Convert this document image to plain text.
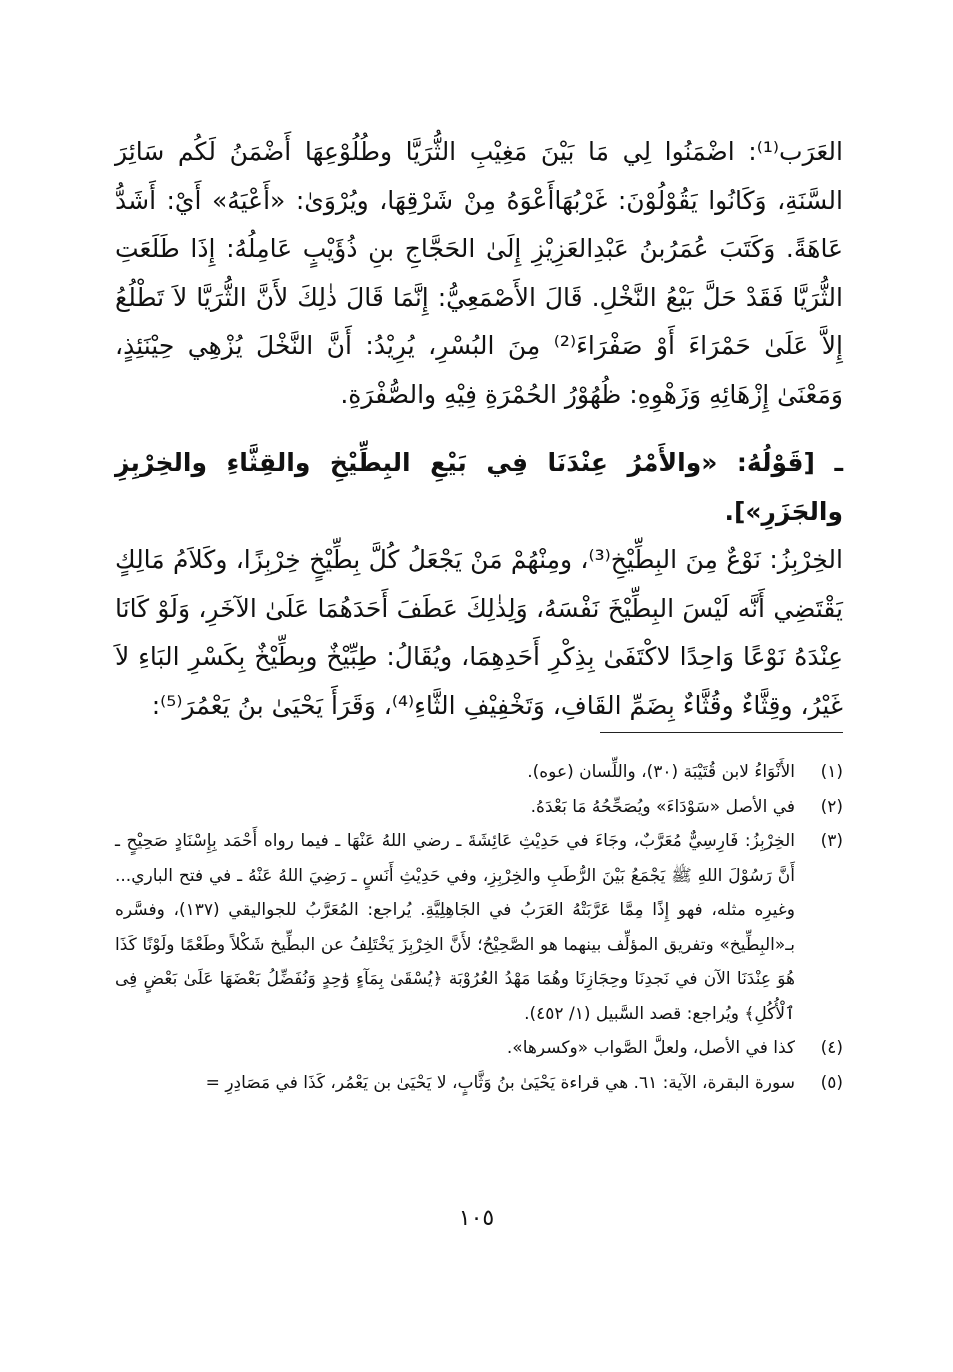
العَرَب⁽¹⁾: اضْمَنُوا لِي مَا بَيْنَ مَغِيْبِ الثُّرَيَّا وطُلُوْعِهَا أَضْمَنُ لَكُم سَائِرَ السَّنَةِ، وَكَانُوا يَقُوْلُوْنَ: غَرْبُهَاأَعْوَهُ مِنْ شَرْقِهَا، ويُرْوَىٰ: «أَعْيَهُ» أَيْ: أَشَدُّ عَاهَةً. وَكَتَبَ عُمَرُبنُ عَبْدِالعَزِيْزِ إِلَىٰ الحَجَّاجِ بنِ ذُؤَيْبٍ عَامِلُهُ: إِذَا طَلَعَتِ الثُّرَيَّا فَقَدْ حَلَّ بَيْعُ النَّخْلِ. قَالَ الأَصْمَعِيُّ: إِنَّمَا قَالَ ذٰلِكَ لأَنَّ الثُّرَيَّا لاَ تَطْلُعُ إِلاَّ عَلَىٰ حَمْرَاءَ أَوْ صَفْرَاءَ⁽²⁾ مِنَ البُسْرِ، يُرِيْدُ: أَنَّ النَّخْلَ يُزْهِي حِيْنَئِذٍ، وَمَعْنَىٰ إِزْهَائِهِ وَزَهْوِهِ: ظُهُوْرُ الحُمْرَةِ فِيْهِ والصُّفْرَةِ.

ـ [قَوْلُهُ: «والأَمْرُ عِنْدَنَا فِي بَيْعِ البِطِّيْخِ والقِثَّاءِ والخِرْبِزِ والجَزَرِ»].

الخِرْبِزُ: نَوْعٌ مِنَ البِطِّيْخِ⁽³⁾، ومِنْهُمْ مَنْ يَجْعَلُ كُلَّ بِطِّيْخٍ خِرْبِزًا، وكَلاَمُ مَالِكٍ يَقْتَضِي أَنَّه لَيْسَ البِطِّيْخَ نَفْسَهُ، وَلِذٰلِكَ عَطَفَ أَحَدَهُمَا عَلَىٰ الآخَرِ، وَلَوْ كَانَا عِنْدَهُ نَوْعًا وَاحِدًا لاكْتَفَىٰ بِذِكْرِ أَحَدِهِمَا، ويُقَالُ: طِبِّيْخٌ وبِطِّيْخٌ بِكَسْرِ البَاءِ لاَ غَيْرُ، وقِثَّاءٌ وقُثَّاءٌ بِضَمِّ القَافِ، وَتَخْفِيْفِ الثَّاءِ⁽⁴⁾، وَقَرَأَ يَحْيَىٰ بنُ يَعْمُرَ⁽⁵⁾:

(١)
الأَنْوَاءُ لابن قُتَيْبَة (٣٠)، واللِّسان (عوه).
(٢)
في الأصل «سَوْدَاءَ» ويُصَحِّحُهُ مَا بَعْدَهُ.
(٣)
الخِرْبِزُ: فَارِسِيٌّ مُعَرَّبٌ، وجَاءَ في حَدِيْثِ عَائِشَةَ ـ رضي اللهُ عَنْهَا ـ فيما رواه أَحْمَد بِإِسْنَادٍ صَحِيْحٍ ـ أَنَّ رَسُوْلَ اللهِ ﷺ يَجْمَعُ بَيْنَ الرُّطَبِ والخِرْبِزِ، وفي حَدِيْثِ أَنَسٍ ـ رَضِيَ اللهُ عَنْهُ ـ في فتح الباري... وغيرِه مثله، فهو إِذًا مِمَّا عَرَّبَتْهُ العَرَبُ في الجَاهِلِيَّةِ. يُراجع: المُعَرَّبُ للجواليقي (١٣٧)، وفسَّره بـ«البِطِّيخ» وتفريق المؤلِّف بينهما هو الصَّحِيْحُ؛ لأَنَّ الخِرْبِزَ يَخْتَلِفُ عن البطِّيخ شَكْلاً وطَعْمًا ولَوْنًا كَذَا هُوَ عِنْدَنَا الآن في نَجدِنَا وحِجَازِنَا وهُمَا مَهْدُ العُرُوْبَة ﴿يُسْقَىٰ بِمَآءٍ وَٰحِدٍ وَنُفَضِّلُ بَعْضَهَا عَلَىٰ بَعْضٍ فِى ٱلْأُكُلِ﴾ ويُراجع: قصد السَّبيل (١/ ٤٥٢).
(٤)
كذا في الأصل، ولعلَّ الصَّواب «وكسرها».
(٥)
سورة البقرة، الآية: ٦١. هي قراءة يَحْيَىٰ بنُ وَثَّابٍ، لا يَحْيَىٰ بن يَعْمُر، كَذَا في مَصَادِرِ =
١٠٥
